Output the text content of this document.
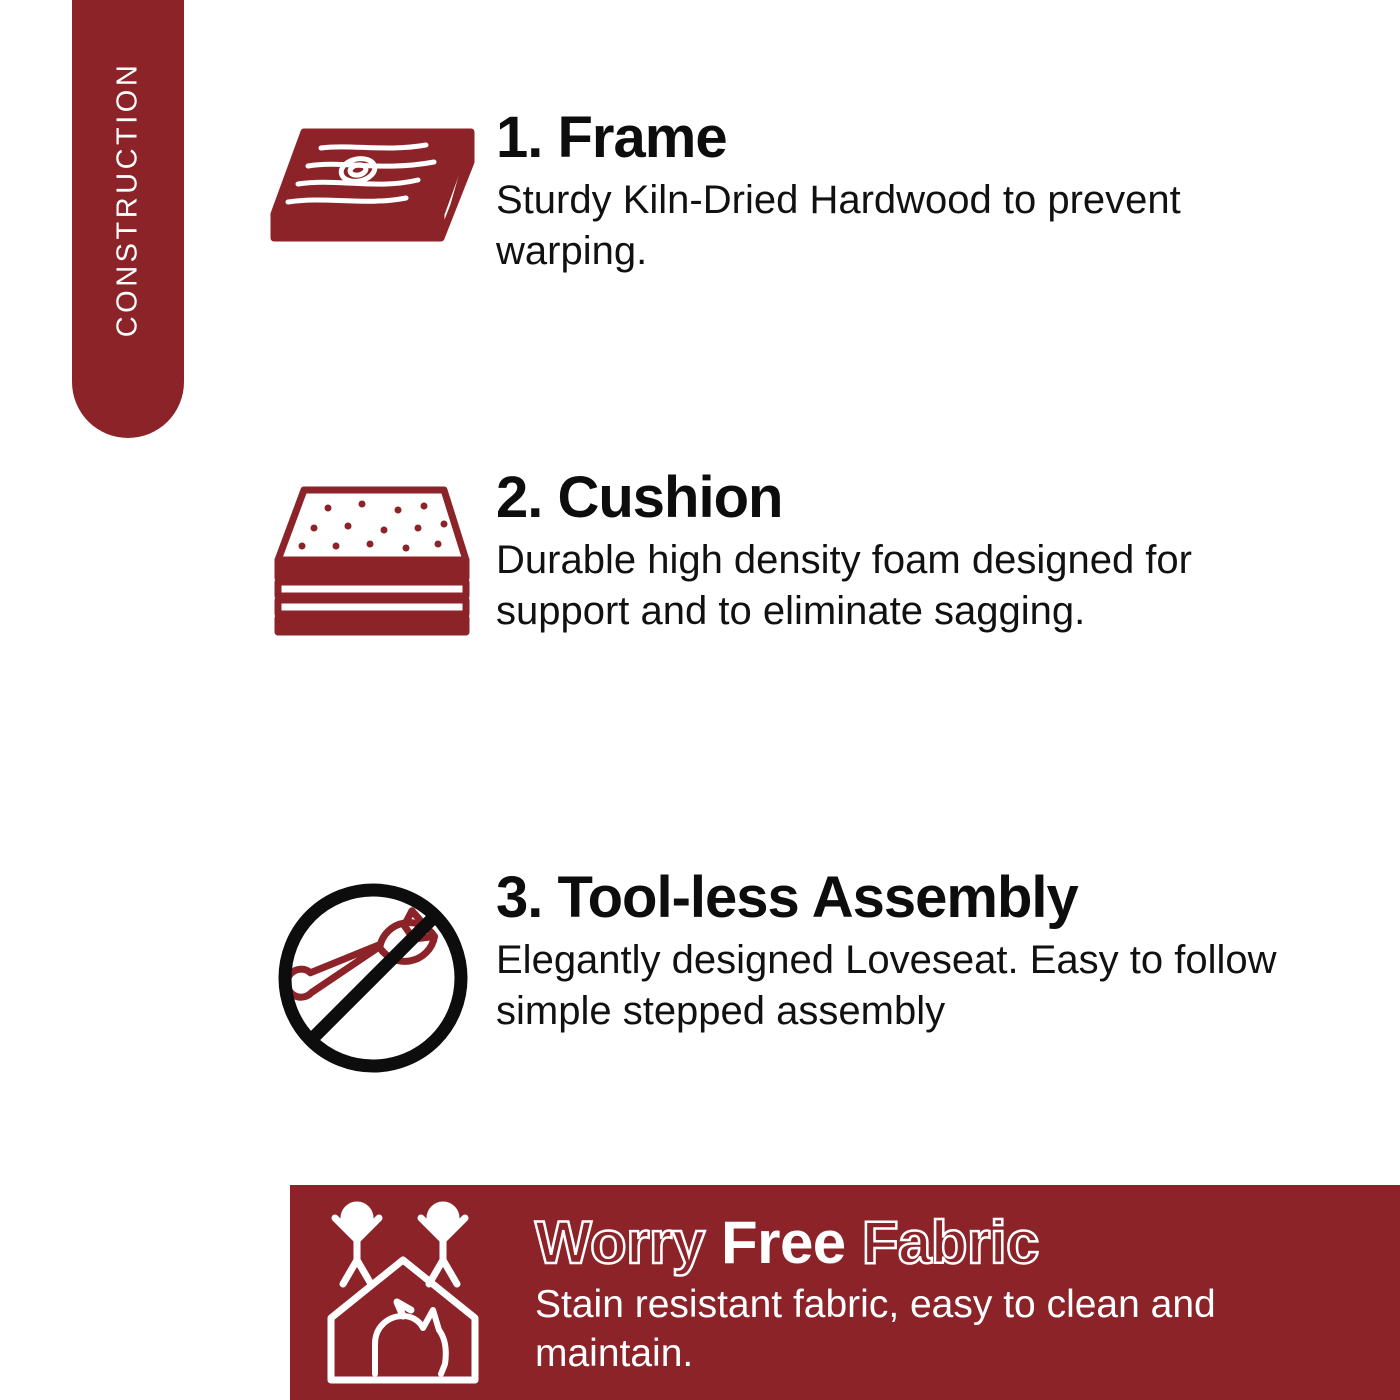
CONSTRUCTION	1. Frame

Sturdy Kiln-Dried Hardwood to prevent warping.

2. Cushion

Durable high density foam designed for support and to eliminate sagging.

3. Tool-less Assembly

Elegantly designed Loveseat. Easy to follow simple stepped assembly

Worry Free Fabric

Stain resistant fabric, easy to clean and maintain.
